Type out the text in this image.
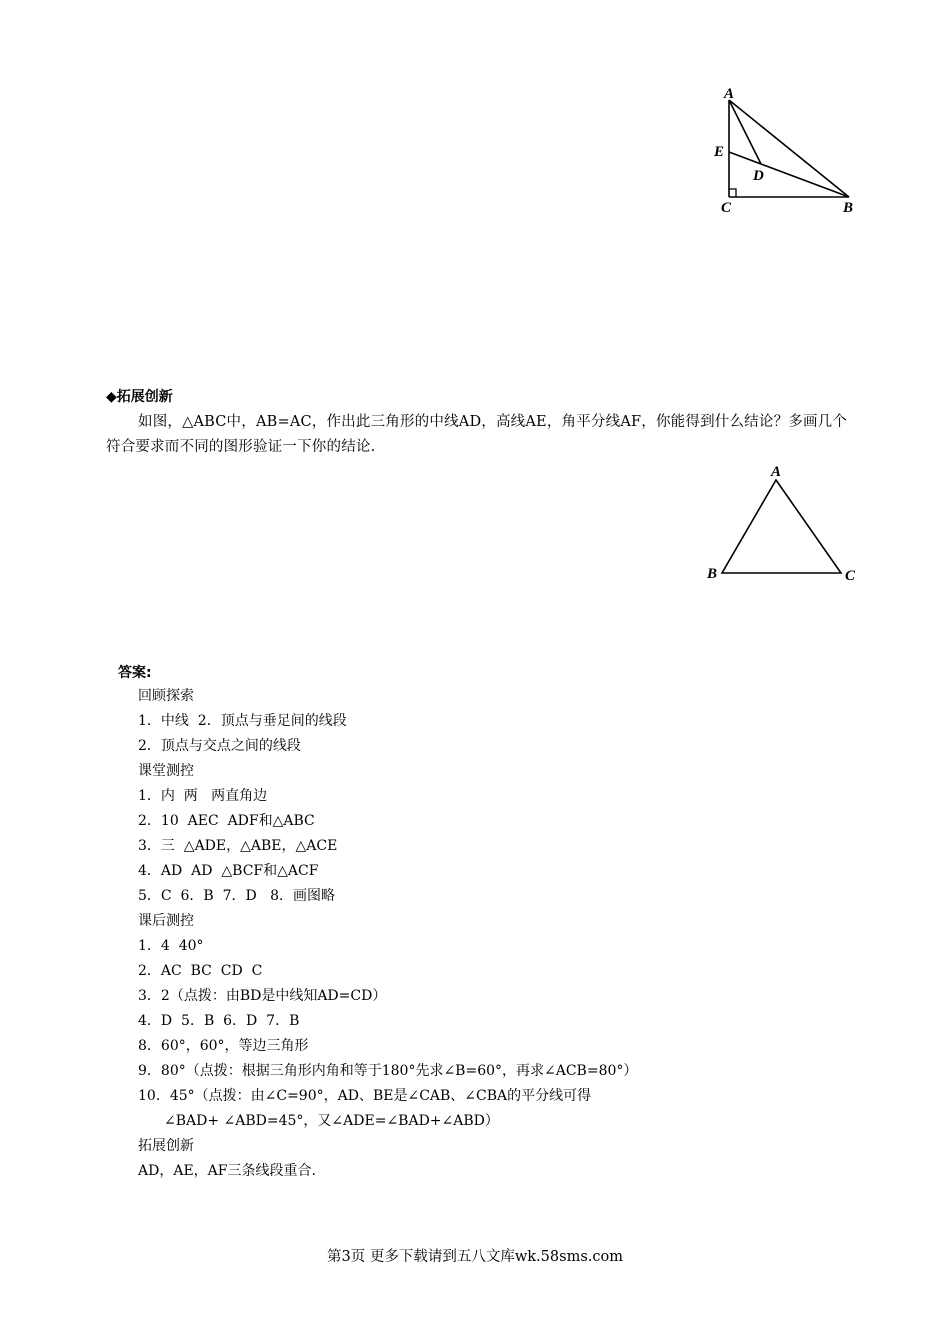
A
E
D
C	B
◆拓展创新
如图，△ABC中，AB=AC，作出此三角形的中线AD，高线AE，角平分线AF，你能得到什么结论？多画几个符合要求而不同的图形验证一下你的结论.
A
B	C
答案:
回顾探索
1．中线  2．顶点与垂足间的线段
2．顶点与交点之间的线段
课堂测控
1．内  两   两直角边
2．10  AEC  ADF和△ABC
3．三  △ADE，△ABE，△ACE
4．AD  AD  △BCF和△ACF
5．C  6．B  7．D   8．画图略
课后测控
1．4  40°
2．AC  BC  CD  C
3．2（点拨：由BD是中线知AD=CD）
4．D  5．B  6．D  7．B
8．60°，60°，等边三角形
9．80°（点拨：根据三角形内角和等于180°先求∠B=60°，再求∠ACB=80°）
10．45°（点拨：由∠C=90°，AD、BE是∠CAB、∠CBA的平分线可得
∠BAD+ ∠ABD=45°，又∠ADE=∠BAD+∠ABD）
拓展创新
AD，AE，AF三条线段重合.
第3页 更多下载请到五八文库wk.58sms.com
